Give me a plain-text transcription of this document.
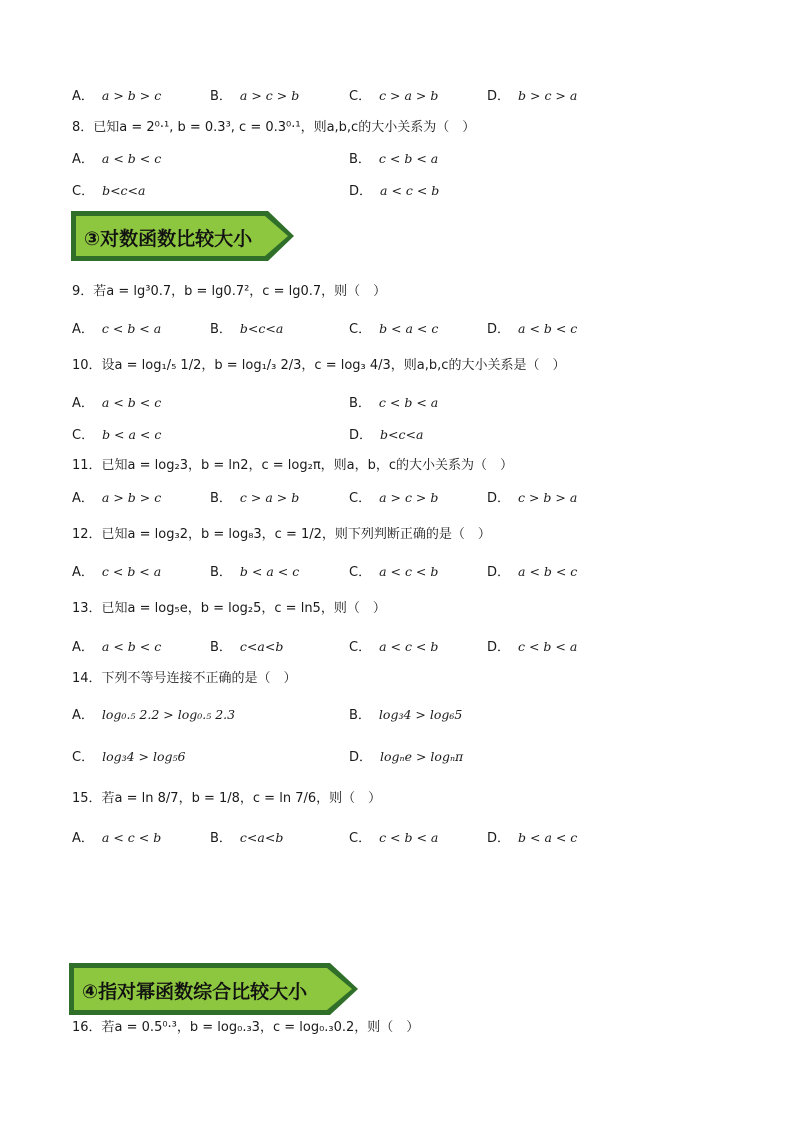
A． a > b > c	B． a > c > b	C． c > a > b	D． b > c > a
8．已知a = 2⁰·¹, b = 0.3³, c = 0.3⁰·¹，则a,b,c的大小关系为（　）
A． a < b < c	B． c < b < a
C． b<c<a	D． a < c < b
③对数函数比较大小
9．若a = lg³0.7，b = lg0.7²，c = lg0.7，则（　）
A． c < b < a	B． b<c<a	C． b < a < c	D． a < b < c
10．设a = log₁/₅ 1/2，b = log₁/₃ 2/3，c = log₃ 4/3，则a,b,c的大小关系是（　）
A． a < b < c	B． c < b < a
C． b < a < c	D． b<c<a
11．已知a = log₂3，b = ln2，c = log₂π，则a，b，c的大小关系为（　）
A． a > b > c	B． c > a > b	C． a > c > b	D． c > b > a
12．已知a = log₃2，b = log₈3，c = 1/2，则下列判断正确的是（　）
A． c < b < a	B． b < a < c	C． a < c < b	D． a < b < c
13．已知a = log₅e，b = log₂5，c = ln5，则（　）
A． a < b < c	B． c<a<b	C． a < c < b	D． c < b < a
14．下列不等号连接不正确的是（　）
A． log₀.₅ 2.2 > log₀.₅ 2.3	B． log₃4 > log₆5
C． log₃4 > log₅6	D． logₙe > logₙπ
15．若a = ln 8/7，b = 1/8，c = ln 7/6，则（　）
A． a < c < b	B． c<a<b	C． c < b < a	D． b < a < c
④指对幂函数综合比较大小
16．若a = 0.5⁰·³，b = log₀.₃3，c = log₀.₃0.2，则（　）
